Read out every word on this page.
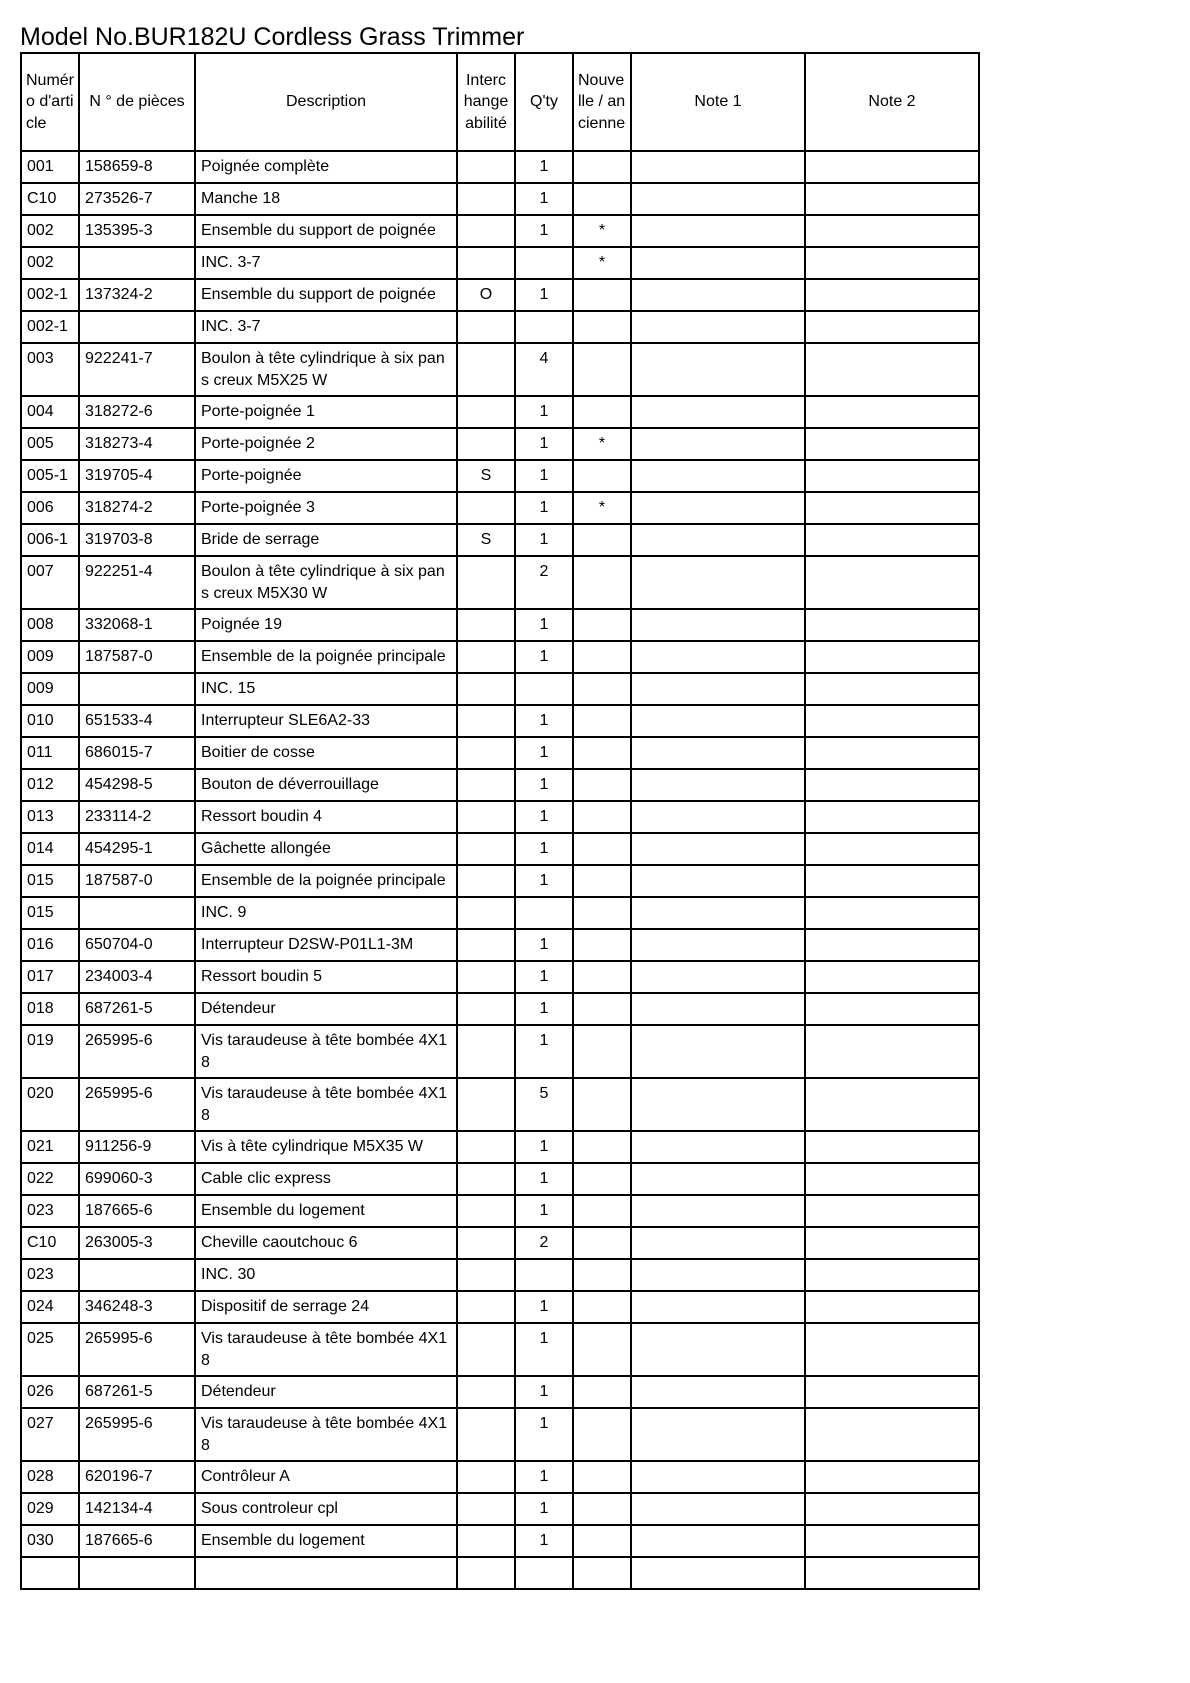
Model No.BUR182U Cordless Grass Trimmer
Numéro d'article	N ° de pièces	Description	Interchangeabilité	Q'ty	Nouvelle / ancienne	Note 1	Note 2
001	158659-8	Poignée complète		1			
C10	273526-7	Manche 18		1			
002	135395-3	Ensemble du support de poignée		1	*		
002		INC. 3-7			*		
002-1	137324-2	Ensemble du support de poignée	O	1			
002-1		INC. 3-7					
003	922241-7	Boulon à tête cylindrique à six pans creux M5X25 W		4			
004	318272-6	Porte-poignée 1		1			
005	318273-4	Porte-poignée 2		1	*		
005-1	319705-4	Porte-poignée	S	1			
006	318274-2	Porte-poignée 3		1	*		
006-1	319703-8	Bride de serrage	S	1			
007	922251-4	Boulon à tête cylindrique à six pans creux M5X30 W		2			
008	332068-1	Poignée 19		1			
009	187587-0	Ensemble de la poignée principale		1			
009		INC. 15					
010	651533-4	Interrupteur SLE6A2-33		1			
011	686015-7	Boitier de cosse		1			
012	454298-5	Bouton de déverrouillage		1			
013	233114-2	Ressort boudin 4		1			
014	454295-1	Gâchette allongée		1			
015	187587-0	Ensemble de la poignée principale		1			
015		INC. 9					
016	650704-0	Interrupteur D2SW-P01L1-3M		1			
017	234003-4	Ressort boudin 5		1			
018	687261-5	Détendeur		1			
019	265995-6	Vis taraudeuse à tête bombée 4X18		1			
020	265995-6	Vis taraudeuse à tête bombée 4X18		5			
021	911256-9	Vis à tête cylindrique M5X35 W		1			
022	699060-3	Cable clic express		1			
023	187665-6	Ensemble du logement		1			
C10	263005-3	Cheville caoutchouc 6		2			
023		INC. 30					
024	346248-3	Dispositif de serrage 24		1			
025	265995-6	Vis taraudeuse à tête bombée 4X18		1			
026	687261-5	Détendeur		1			
027	265995-6	Vis taraudeuse à tête bombée 4X18		1			
028	620196-7	Contrôleur A		1			
029	142134-4	Sous controleur cpl		1			
030	187665-6	Ensemble du logement		1			
